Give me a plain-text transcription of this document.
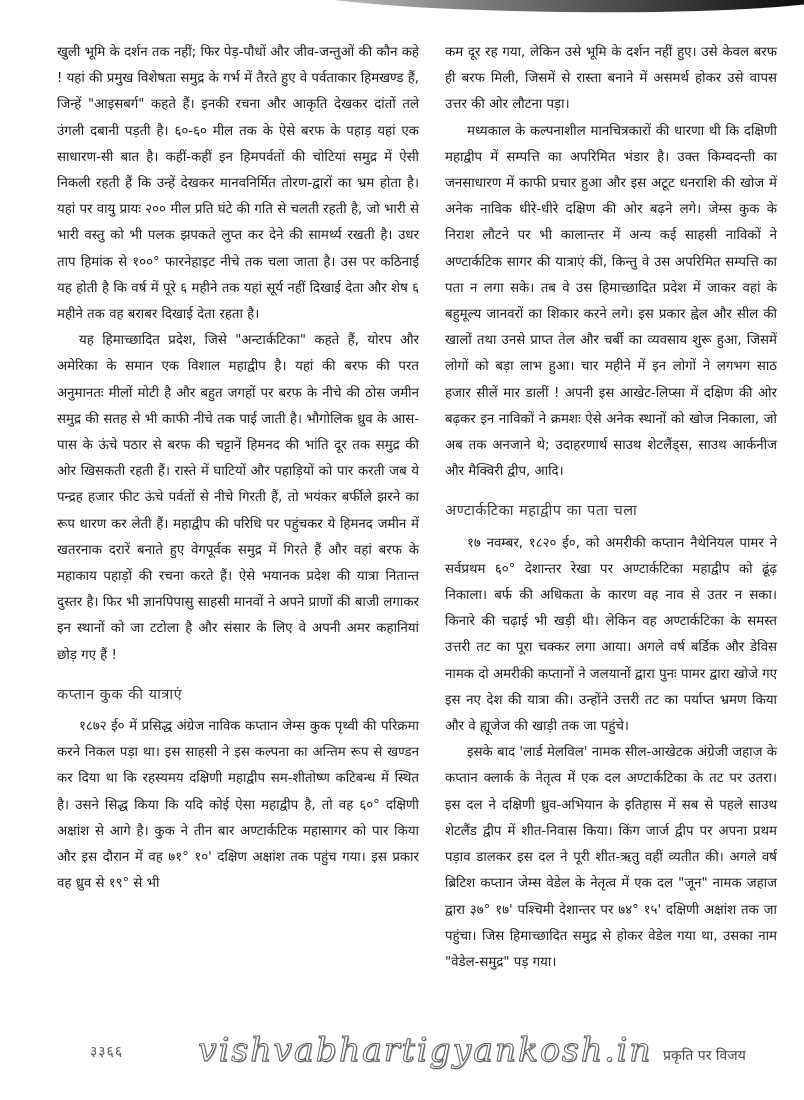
खुली भूमि के दर्शन तक नहीं; फिर पेड़-पौधों और जीव-जन्तुओं की कौन कहे ! यहां की प्रमुख विशेषता समुद्र के गर्भ में तैरते हुए वे पर्वताकार हिमखण्ड हैं, जिन्हें "आइसबर्ग" कहते हैं। इनकी रचना और आकृति देखकर दांतों तले उंगली दबानी पड़ती है। ६०-६० मील तक के ऐसे बरफ के पहाड़ यहां एक साधारण-सी बात है। कहीं-कहीं इन हिमपर्वतों की चोटियां समुद्र में ऐसी निकली रहती हैं कि उन्हें देखकर मानवनिर्मित तोरण-द्वारों का भ्रम होता है। यहां पर वायु प्रायः २०० मील प्रति घंटे की गति से चलती रहती है, जो भारी से भारी वस्तु को भी पलक झपकते लुप्त कर देने की सामर्थ्य रखती है। उधर ताप हिमांक से १००° फारनेहाइट नीचे तक चला जाता है। उस पर कठिनाई यह होती है कि वर्ष में पूरे ६ महीने तक यहां सूर्य नहीं दिखाई देता और शेष ६ महीने तक वह बराबर दिखाई देता रहता है।

यह हिमाच्छादित प्रदेश, जिसे "अन्टार्कटिका" कहते हैं, योरप और अमेरिका के समान एक विशाल महाद्वीप है। यहां की बरफ की परत अनुमानतः मीलों मोटी है और बहुत जगहों पर बरफ के नीचे की ठोस जमीन समुद्र की सतह से भी काफी नीचे तक पाई जाती है। भौगोलिक ध्रुव के आस-पास के ऊंचे पठार से बरफ की चट्टानें हिमनद की भांति दूर तक समुद्र की ओर खिसकती रहती हैं। रास्ते में घाटियों और पहाड़ियों को पार करती जब ये पन्द्रह हजार फीट ऊंचे पर्वतों से नीचे गिरती हैं, तो भयंकर बर्फीले झरने का रूप धारण कर लेती हैं। महाद्वीप की परिधि पर पहुंचकर ये हिमनद जमीन में खतरनाक दरारें बनाते हुए वेगपूर्वक समुद्र में गिरते हैं और वहां बरफ के महाकाय पहाड़ों की रचना करते हैं। ऐसे भयानक प्रदेश की यात्रा नितान्त दुस्तर है। फिर भी ज्ञानपिपासु साहसी मानवों ने अपने प्राणों की बाजी लगाकर इन स्थानों को जा टटोला है और संसार के लिए वे अपनी अमर कहानियां छोड़ गए हैं !

कप्तान कुक की यात्राएं

१८७२ ई० में प्रसिद्ध अंग्रेज नाविक कप्तान जेम्स कुक पृथ्वी की परिक्रमा करने निकल पड़ा था। इस साहसी ने इस कल्पना का अन्तिम रूप से खण्डन कर दिया था कि रहस्यमय दक्षिणी महाद्वीप सम-शीतोष्ण कटिबन्ध में स्थित है। उसने सिद्ध किया कि यदि कोई ऐसा महाद्वीप है, तो वह ६०° दक्षिणी अक्षांश से आगे है। कुक ने तीन बार अण्टार्कटिक महासागर को पार किया और इस दौरान में वह ७१° १०' दक्षिण अक्षांश तक पहुंच गया। इस प्रकार वह ध्रुव से १९° से भी

कम दूर रह गया, लेकिन उसे भूमि के दर्शन नहीं हुए। उसे केवल बरफ ही बरफ मिली, जिसमें से रास्ता बनाने में असमर्थ होकर उसे वापस उत्तर की ओर लौटना पड़ा।

मध्यकाल के कल्पनाशील मानचित्रकारों की धारणा थी कि दक्षिणी महाद्वीप में सम्पत्ति का अपरिमित भंडार है। उक्त किम्वदन्ती का जनसाधारण में काफी प्रचार हुआ और इस अटूट धनराशि की खोज में अनेक नाविक धीरे-धीरे दक्षिण की ओर बढ़ने लगे। जेम्स कुक के निराश लौटने पर भी कालान्तर में अन्य कई साहसी नाविकों ने अण्टार्कटिक सागर की यात्राएं कीं, किन्तु वे उस अपरिमित सम्पत्ति का पता न लगा सके। तब वे उस हिमाच्छादित प्रदेश में जाकर वहां के बहुमूल्य जानवरों का शिकार करने लगे। इस प्रकार ह्वेल और सील की खालों तथा उनसे प्राप्त तेल और चर्बी का व्यवसाय शुरू हुआ, जिसमें लोगों को बड़ा लाभ हुआ। चार महीने में इन लोगों ने लगभग साठ हजार सीलें मार डालीं ! अपनी इस आखेट-लिप्सा में दक्षिण की ओर बढ़कर इन नाविकों ने क्रमशः ऐसे अनेक स्थानों को खोज निकाला, जो अब तक अनजाने थे; उदाहरणार्थ साउथ शेटलैंड्स, साउथ आर्कनीज और मैक्विरी द्वीप, आदि।

अण्टार्कटिका महाद्वीप का पता चला

१७ नवम्बर, १८२० ई०, को अमरीकी कप्तान नैथेनियल पामर ने सर्वप्रथम ६०° देशान्तर रेखा पर अण्टार्कटिका महाद्वीप को ढूंढ़ निकाला। बर्फ की अधिकता के कारण वह नाव से उतर न सका। किनारे की चढ़ाई भी खड़ी थी। लेकिन वह अण्टार्कटिका के समस्त उत्तरी तट का पूरा चक्कर लगा आया। अगले वर्ष बर्डिक और डेविस नामक दो अमरीकी कप्तानों ने जलयानों द्वारा पुनः पामर द्वारा खोजे गए इस नए देश की यात्रा की। उन्होंने उत्तरी तट का पर्याप्त भ्रमण किया और वे ह्यूजेज की खाड़ी तक जा पहुंचे।

इसके बाद 'लार्ड मेलविल' नामक सील-आखेटक अंग्रेजी जहाज के कप्तान क्लार्क के नेतृत्व में एक दल अण्टार्कटिका के तट पर उतरा। इस दल ने दक्षिणी ध्रुव-अभियान के इतिहास में सब से पहले साउथ शेटलैंड द्वीप में शीत-निवास किया। किंग जार्ज द्वीप पर अपना प्रथम पड़ाव डालकर इस दल ने पूरी शीत-ऋतु वहीं व्यतीत की। अगले वर्ष ब्रिटिश कप्तान जेम्स वेडेल के नेतृत्व में एक दल "जून" नामक जहाज द्वारा ३७° १७' पश्चिमी देशान्तर पर ७४° १५' दक्षिणी अक्षांश तक जा पहुंचा। जिस हिमाच्छादित समुद्र से होकर वेडेल गया था, उसका नाम "वेडेल-समुद्र" पड़ गया।

३३६६ vishvabhartigyankosh.in प्रकृति पर विजय
